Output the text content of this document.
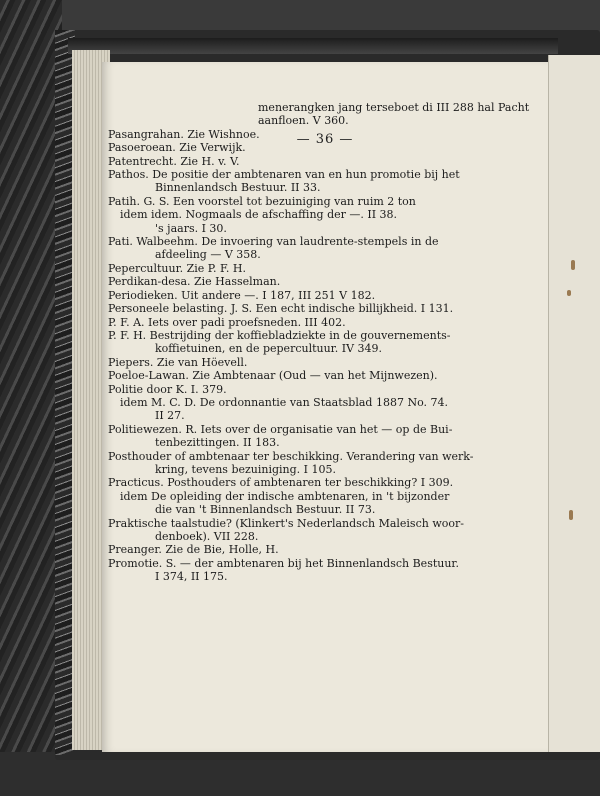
— 36 —
menerangken jang terseboet di III 288 hal Pacht
aanfloen. V 360.
Pasangrahan. Zie Wishnoe.
Pasoeroean. Zie Verwijk.
Patentrecht. Zie H. v. V.
Pathos. De positie der ambtenaren van en hun promotie bij het
Binnenlandsch Bestuur. II 33.
Patih. G. S. Een voorstel tot bezuiniging van ruim 2 ton
idem idem. Nogmaals de afschaffing der —. II 38.
's jaars. I 30.
Pati. Walbeehm. De invoering van laudrente-stempels in de
afdeeling — V 358.
Pepercultuur. Zie P. F. H.
Perdikan-desa. Zie Hasselman.
Periodieken. Uit andere —. I 187, III 251 V 182.
Personeele belasting. J. S. Een echt indische billijkheid. I 131.
P. F. A. Iets over padi proefsneden. III 402.
P. F. H. Bestrijding der koffiebladziekte in de gouvernements-
koffietuinen, en de pepercultuur. IV 349.
Piepers. Zie van Höevell.
Poeloe-Lawan. Zie Ambtenaar (Oud — van het Mijnwezen).
Politie door K. I. 379.
idem M. C. D. De ordonnantie van Staatsblad 1887 No. 74.
II 27.
Politiewezen. R. Iets over de organisatie van het — op de Bui-
tenbezittingen. II 183.
Posthouder of ambtenaar ter beschikking. Verandering van werk-
kring, tevens bezuiniging. I 105.
Practicus. Posthouders of ambtenaren ter beschikking? I 309.
idem De opleiding der indische ambtenaren, in 't bijzonder
die van 't Binnenlandsch Bestuur. II 73.
Praktische taalstudie? (Klinkert's Nederlandsch Maleisch woor-
denboek). VII 228.
Preanger. Zie de Bie, Holle, H.
Promotie. S. — der ambtenaren bij het Binnenlandsch Bestuur.
I 374, II 175.
